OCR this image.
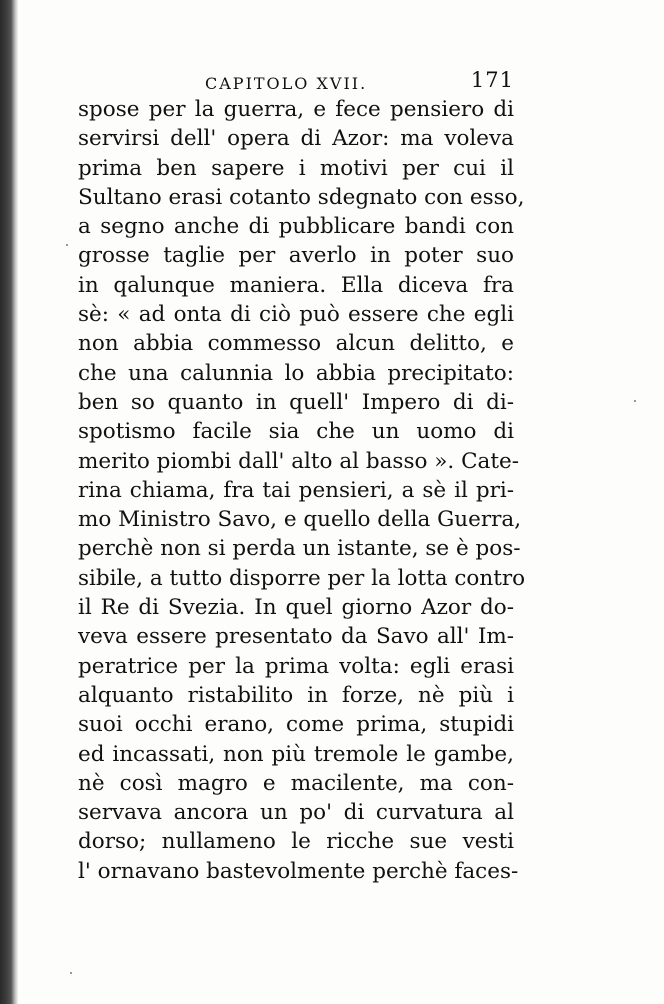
CAPITOLO XVII.	171
spose per la guerra, e fece pensiero di
servirsi dell' opera di Azor: ma voleva
prima ben sapere i motivi per cui il
Sultano erasi cotanto sdegnato con esso,
a segno anche di pubblicare bandi con
grosse taglie per averlo in poter suo
in qalunque maniera. Ella diceva fra
sè: « ad onta di ciò può essere che egli
non abbia commesso alcun delitto, e
che una calunnia lo abbia precipitato:
ben so quanto in quell' Impero di di-
spotismo facile sia che un uomo di
merito piombi dall' alto al basso ». Cate-
rina chiama, fra tai pensieri, a sè il pri-
mo Ministro Savo, e quello della Guerra,
perchè non si perda un istante, se è pos-
sibile, a tutto disporre per la lotta contro
il Re di Svezia. In quel giorno Azor do-
veva essere presentato da Savo all' Im-
peratrice per la prima volta: egli erasi
alquanto ristabilito in forze, nè più i
suoi occhi erano, come prima, stupidi
ed incassati, non più tremole le gambe,
nè così magro e macilente, ma con-
servava ancora un po' di curvatura al
dorso; nullameno le ricche sue vesti
l' ornavano bastevolmente perchè faces-
